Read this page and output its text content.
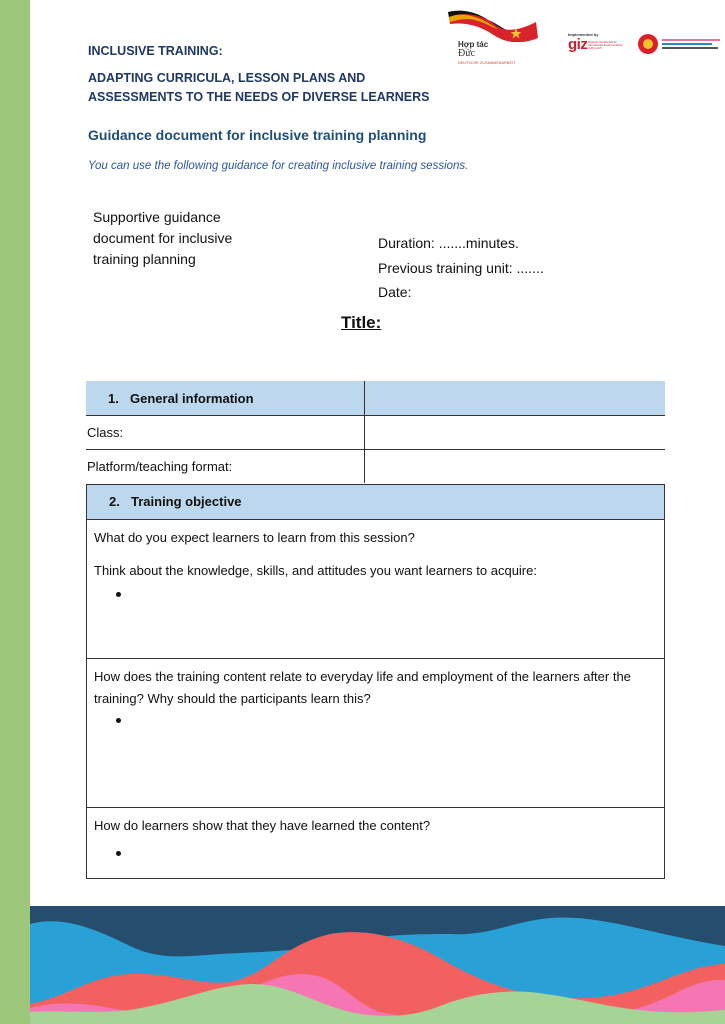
Hợp tác
Đức
DEUTSCHE ZUSAMMENARBEIT
Implemented by
giz Deutsche Gesellschaft für Internationale Zusammenarbeit (GIZ) GmbH
INCLUSIVE TRAINING:
ADAPTING CURRICULA, LESSON PLANS AND
ASSESSMENTS TO THE NEEDS OF DIVERSE LEARNERS
Guidance document for inclusive training planning
You can use the following guidance for creating inclusive training sessions.
Supportive guidance document for inclusive training planning
Duration: .......minutes.
Previous training unit: .......
Date:
Title:
1. General information	
Class:	
Platform/teaching format:	
2. Training objective

What do you expect learners to learn from this session?

Think about the knowledge, skills, and attitudes you want learners to acquire:

How does the training content relate to everyday life and employment of the learners after the training? Why should the participants learn this?

How do learners show that they have learned the content?
